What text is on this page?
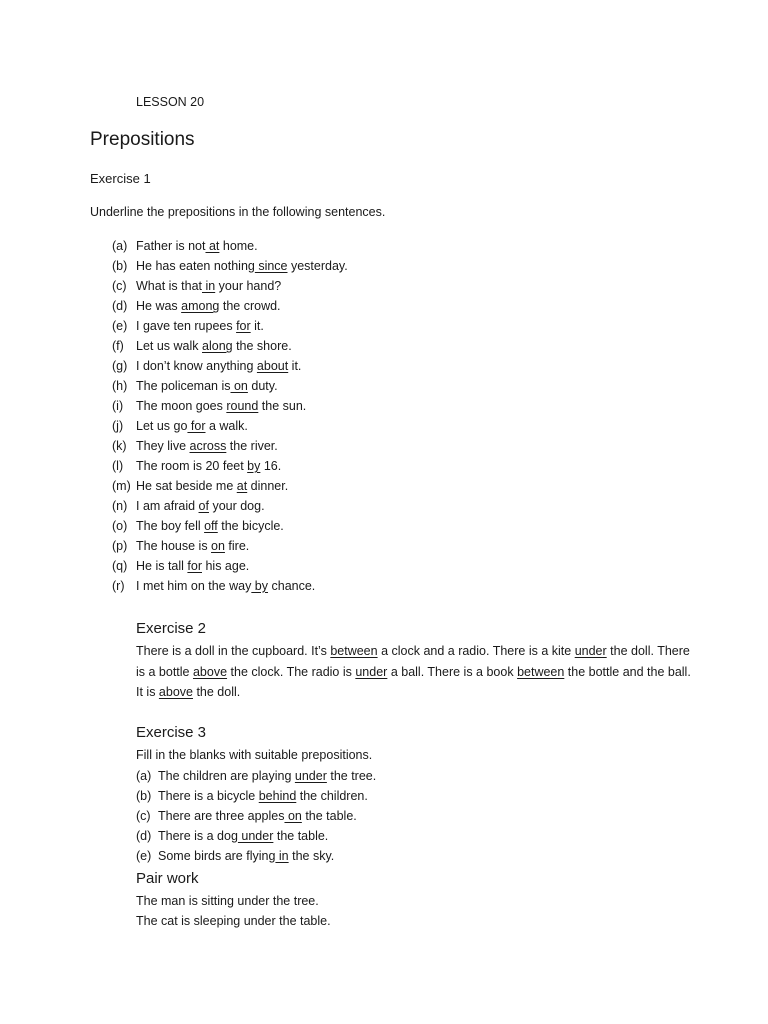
LESSON 20
Prepositions
Exercise 1
Underline the prepositions in the following sentences.
(a) Father is not at home.
(b) He has eaten nothing since yesterday.
(c) What is that in your hand?
(d) He was among the crowd.
(e) I gave ten rupees for it.
(f) Let us walk along the shore.
(g) I don’t know anything about it.
(h) The policeman is on duty.
(i) The moon goes round the sun.
(j) Let us go for a walk.
(k) They live across the river.
(l) The room is 20 feet by 16.
(m) He sat beside me at dinner.
(n) I am afraid of your dog.
(o) The boy fell off the bicycle.
(p) The house is on fire.
(q) He is tall for his age.
(r) I met him on the way by chance.
Exercise 2

There is a doll in the cupboard. It’s between a clock and a radio. There is a kite under the doll. There is a bottle above the clock. The radio is under a ball. There is a book between the bottle and the ball. It is above the doll.

Exercise 3
Fill in the blanks with suitable prepositions.
(a) The children are playing under the tree.
(b) There is a bicycle behind the children.
(c) There are three apples on the table.
(d) There is a dog under the table.
(e) Some birds are flying in the sky.
Pair work
The man is sitting under the tree.
The cat is sleeping under the table.
